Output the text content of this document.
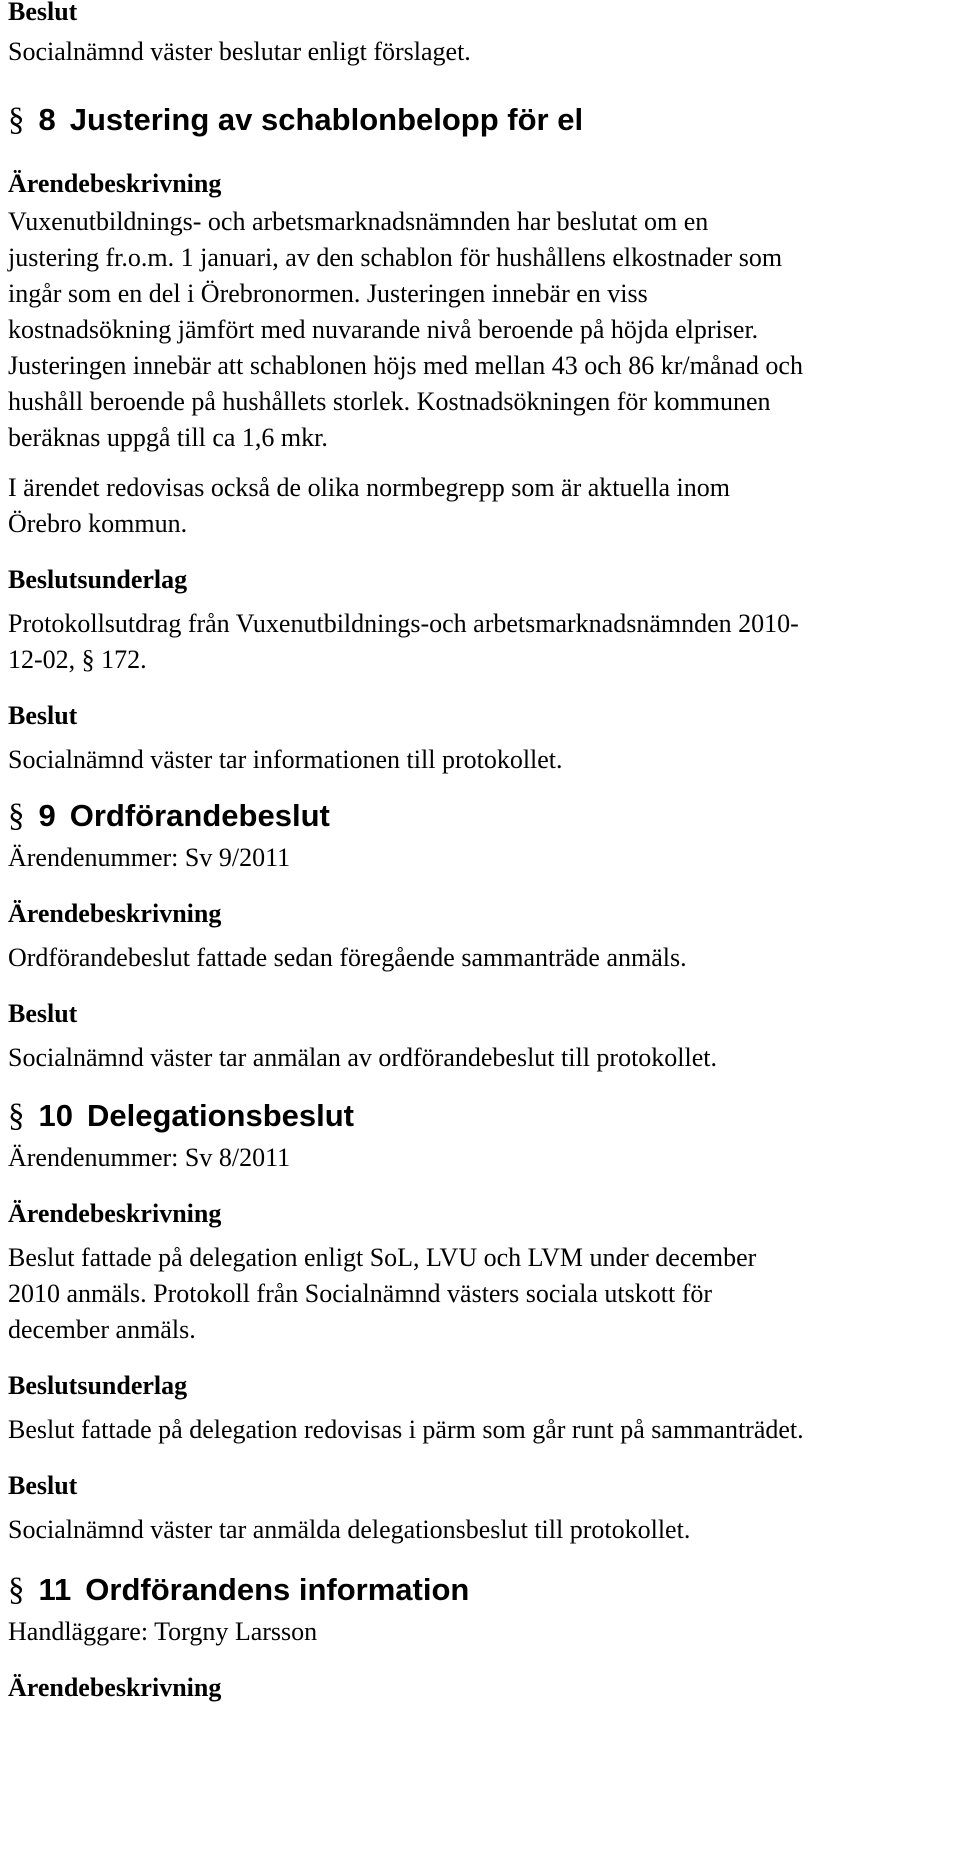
Beslut

Socialnämnd väster beslutar enligt förslaget.

§ 8 Justering av schablonbelopp för el

Ärendebeskrivning

Vuxenutbildnings- och arbetsmarknadsnämnden har beslutat om en
justering fr.o.m. 1 januari, av den schablon för hushållens elkostnader som
ingår som en del i Örebronormen. Justeringen innebär en viss
kostnadsökning jämfört med nuvarande nivå beroende på höjda elpriser.
Justeringen innebär att schablonen höjs med mellan 43 och 86 kr/månad och
hushåll beroende på hushållets storlek. Kostnadsökningen för kommunen
beräknas uppgå till ca 1,6 mkr.
I ärendet redovisas också de olika normbegrepp som är aktuella inom
Örebro kommun.

Beslutsunderlag

Protokollsutdrag från Vuxenutbildnings-och arbetsmarknadsnämnden 2010-
12-02, § 172.

Beslut

Socialnämnd väster tar informationen till protokollet.

§ 9 Ordförandebeslut

Ärendenummer: Sv 9/2011

Ärendebeskrivning

Ordförandebeslut fattade sedan föregående sammanträde anmäls.

Beslut

Socialnämnd väster tar anmälan av ordförandebeslut till protokollet.

§ 10 Delegationsbeslut

Ärendenummer: Sv 8/2011

Ärendebeskrivning

Beslut fattade på delegation enligt SoL, LVU och LVM under december
2010 anmäls. Protokoll från Socialnämnd västers sociala utskott för
december anmäls.

Beslutsunderlag

Beslut fattade på delegation redovisas i pärm som går runt på sammanträdet.

Beslut

Socialnämnd väster tar anmälda delegationsbeslut till protokollet.

§ 11 Ordförandens information

Handläggare: Torgny Larsson

Ärendebeskrivning
